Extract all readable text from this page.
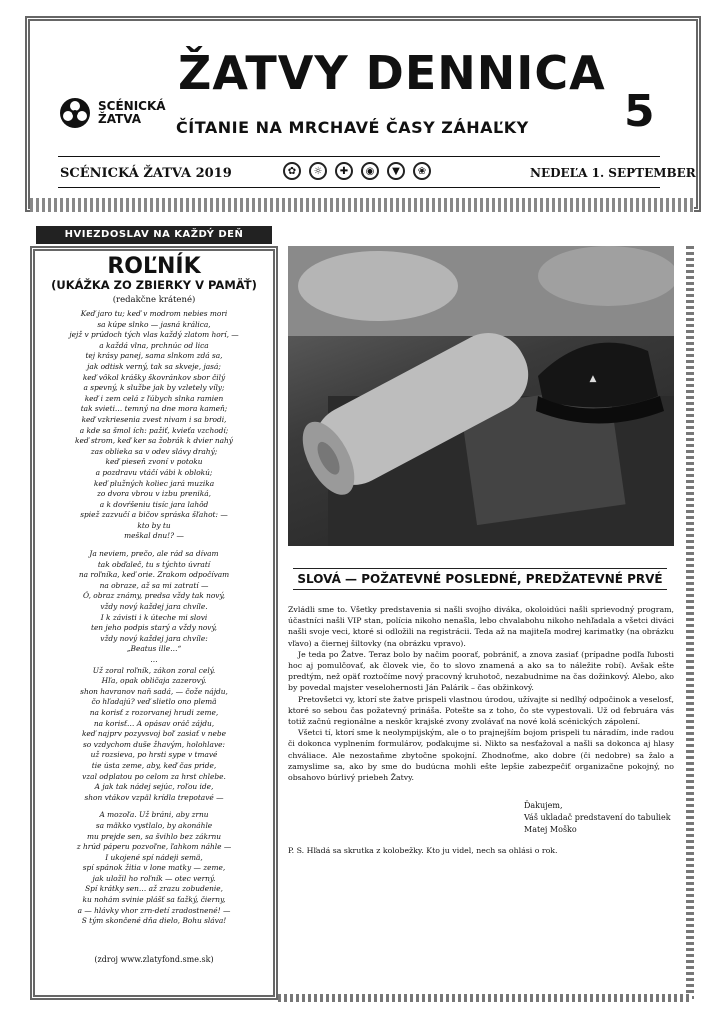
SCÉNICKÁ
ŽATVA
ŽATVY DENNICA
ČÍTANIE NA MRCHAVÉ ČASY ZÁHAĽKY 5
SCÉNICKÁ ŽATVA 2019	✿	☼	✚	◉	▼	❀	NEDEĽA 1. SEPTEMBER
HVIEZDOSLAV NA KAŽDÝ DEŇ
ROĽNÍK
(UKÁŽKA ZO ZBIERKY V PAMÄŤ)
(redakčne krátené)

Keď jaro tu; keď v modrom nebies mori

sa kúpe slnko — jasná králica,

jejž v prúdoch tých vlas každý zlatom horí, —

a každá vlna, prchnúc od lica

tej krásy panej, sama slnkom zdá sa,

jak odtisk verný, tak sa skveje, jasá;

keď vôkol krášky škovránkov sbor čilý

a spevný, k službe jak by vzletely víly;

keď i zem celá z ľúbych slnka ramien

tak svieti… temný na dne mora kameň;

keď vzkriesenia zvest nivam i sa brodi,

a kde sa šmol ích: pažiť, kvieťa vzchodí;

keď strom, keď ker sa žobrák k dvier nahý

zas oblieka sa v odev slávy drahý;

keď pieseň zvoní v potoku

a pozdravu vtáčí vábi k oblokú;

keď plužných koliec jará muzika

zo dvora vbrou v izbu preniká,

a k dovŕšeniu tisíc jara lahôd

spiež zazvučí a bičov spráska šľahot: —

kto by tu

meškal dnu!? —

Ja neviem, prečo, ale rád sa dívam

tak obďaleč, tu s týchto úvratí

na roľníka, keď orie. Zrakom odpočívam

na obraze, až sa mi zatratí —

Ó, obraz známy, predsa vždy tak nový,

vždy nový každej jara chvíle.

I k závisti i k úteche mi slovi

ten jeho podpis starý a vždy nový,

vždy nový každej jara chvíle:

„Beatus ille…“

…

Už zoral roľník, zákon zoral celý.

Hľa, opak obličaja zazerový.

shon havranov naň sadá, — čože nájdu,

čo hľadajú? veď slietlo ono plemä

na korisť z rozorvanej hrudi zeme,

na korisť… A opásav oráč zájdu,

keď najprv pozyvsvoj boľ zasiať v nebe

so vzdychom duše žhavým, holohlave:

už rozsieva, po hrsti sype v tmavé

tie ústa zeme, aby, keď čas pride,

vzal odplatou po celom za hrst chlebe.

A jak tak nádej sejúc, roľou ide,

shon vtákov vzpäl krídla trepotavé —

A mozoľa. Už bráni, aby zrnu

sa mäkko vystlalo, by akonáhle

mu prejde sen, sa švihlo bez zákrnu

z hrúd páperu pozvoľne, ľahkom náhle —

I ukojené spí nádeji semä,

spí spánok žitia v lone matky — zeme,

jak uložil ho roľník — otec verný.

Spí krátky sen… až zrazu zobudenie,

ku nohám svinie plášť sa ťažký, čierny,

a — hlávky vhor zrn-detí zradostnené! —

S tým skončené dňa dielo, Bohu sláva!

(zdroj www.zlatyfond.sme.sk)
▲
SLOVÁ — POŽATEVNÉ POSLEDNÉ, PREDŽATEVNÉ PRVÉ

Zvládli sme to. Všetky predstavenia si našli svojho diváka, okoloidúci našli sprievodný program, účastníci našli VIP stan, polícia nikoho nenašla, lebo chvalabohu nikoho nehľadala a všetci diváci našli svoje veci, ktoré si odložili na registrácii. Teda až na majiteľa modrej karimatky (na obrázku vľavo) a čiernej šiltovky (na obrázku vpravo).

Je teda po Žatve. Teraz bolo by načim poorať, pobrániť, a znova zasiať (prípadne podľa ľubosti hoc aj pomulčovať, ak človek vie, čo to slovo znamená a ako sa to náležite robí). Avšak ešte predtým, než opäť roztočíme nový pracovný kruhotoč, nezabudnime na čas dožinkový. Alebo, ako by povedal majster veselohernosti Ján Palárik – čas obžinkový.

Pretovšetci vy, ktorí ste žatve prispeli vlastnou úrodou, užívajte si nedlhý odpočinok a veselosť, ktoré so sebou čas požatevný prináša. Potešte sa z toho, čo ste vypestovali. Už od februára vás totiž začnú regionálne a neskôr krajské zvony zvolávať na nové kolá scénických zápolení.

Všetci tí, ktorí sme k neolympijským, ale o to prajnejším bojom prispeli tu náradím, inde radou či dokonca vyplnením formulárov, poďakujme si. Nikto sa nesťažoval a našli sa dokonca aj hlasy chváliace. Ale nezostaňme zbytočne spokojní. Zhodnoťme, ako dobre (či nedobre) sa žalo a zamyslime sa, ako by sme do budúcna mohli ešte lepšie zabezpečiť organizačne pokojný, no obsahovo búrlivý priebeh Žatvy.

Ďakujem,
Váš ukladač predstavení do tabuliek
Matej Moško
P. S. Hľadá sa skrutka z kolobežky. Kto ju videl, nech sa ohlási o rok.
